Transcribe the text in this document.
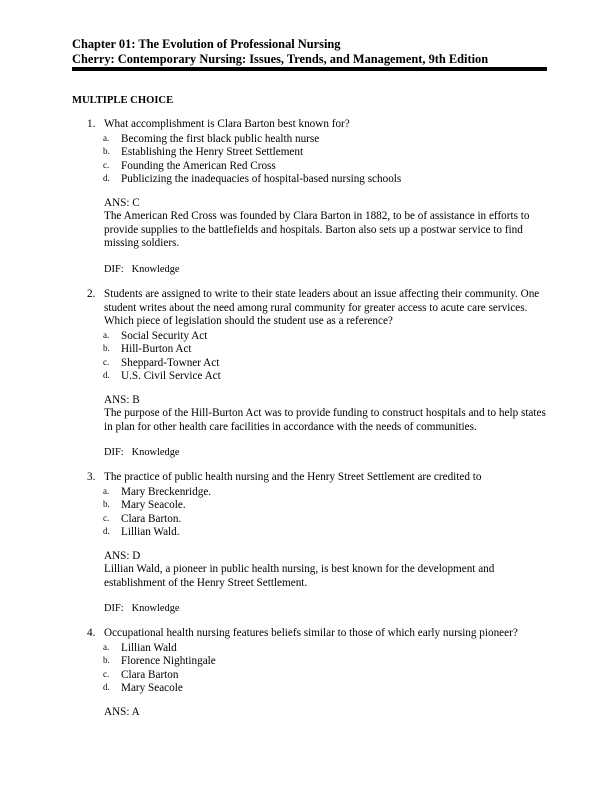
Chapter 01: The Evolution of Professional Nursing
Cherry: Contemporary Nursing: Issues, Trends, and Management, 9th Edition
MULTIPLE CHOICE
1. What accomplishment is Clara Barton best known for?
a. Becoming the first black public health nurse
b. Establishing the Henry Street Settlement
c. Founding the American Red Cross
d. Publicizing the inadequacies of hospital-based nursing schools
ANS: C
The American Red Cross was founded by Clara Barton in 1882, to be of assistance in efforts to provide supplies to the battlefields and hospitals. Barton also sets up a postwar service to find missing soldiers.
DIF: Knowledge
2. Students are assigned to write to their state leaders about an issue affecting their community. One student writes about the need among rural community for greater access to acute care services. Which piece of legislation should the student use as a reference?
a. Social Security Act
b. Hill-Burton Act
c. Sheppard-Towner Act
d. U.S. Civil Service Act
ANS: B
The purpose of the Hill-Burton Act was to provide funding to construct hospitals and to help states in plan for other health care facilities in accordance with the needs of communities.
DIF: Knowledge
3. The practice of public health nursing and the Henry Street Settlement are credited to
a. Mary Breckenridge.
b. Mary Seacole.
c. Clara Barton.
d. Lillian Wald.
ANS: D
Lillian Wald, a pioneer in public health nursing, is best known for the development and establishment of the Henry Street Settlement.
DIF: Knowledge
4. Occupational health nursing features beliefs similar to those of which early nursing pioneer?
a. Lillian Wald
b. Florence Nightingale
c. Clara Barton
d. Mary Seacole
ANS: A
